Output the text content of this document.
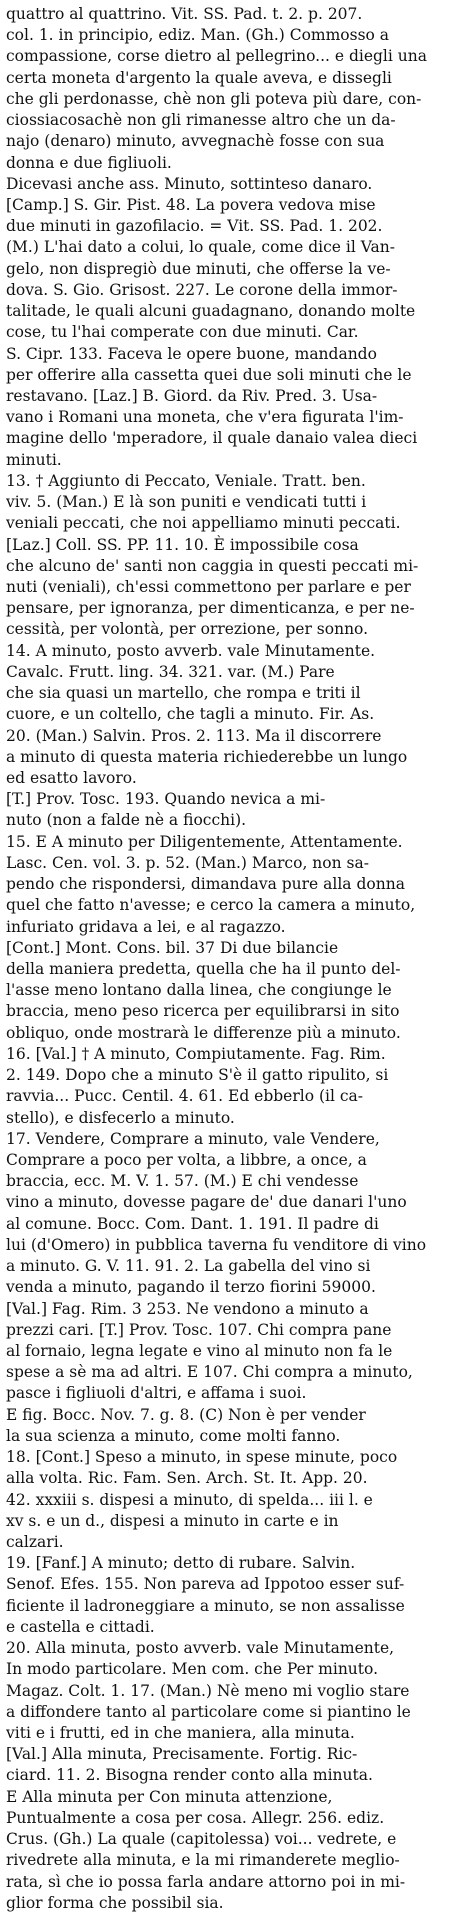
quattro al quattrino. Vit. SS. Pad. t. 2. p. 207.

col. 1. in principio, ediz. Man. (Gh.) Commosso a

compassione, corse dietro al pellegrino... e diegli una

certa moneta d'argento la quale aveva, e dissegli

che gli perdonasse, chè non gli poteva più dare, con-

ciossiacosachè non gli rimanesse altro che un da-

najo (denaro) minuto, avvegnachè fosse con sua

donna e due figliuoli.

Dicevasi anche ass. Minuto, sottinteso danaro.

[Camp.] S. Gir. Pist. 48. La povera vedova mise

due minuti in gazofilacio. = Vit. SS. Pad. 1. 202.

(M.) L'hai dato a colui, lo quale, come dice il Van-

gelo, non dispregiò due minuti, che offerse la ve-

dova. S. Gio. Grisost. 227. Le corone della immor-

talitade, le quali alcuni guadagnano, donando molte

cose, tu l'hai comperate con due minuti. Car.

S. Cipr. 133. Faceva le opere buone, mandando

per offerire alla cassetta quei due soli minuti che le

restavano. [Laz.] B. Giord. da Riv. Pred. 3. Usa-

vano i Romani una moneta, che v'era figurata l'im-

magine dello 'mperadore, il quale danaio valea dieci

minuti.

13. † Aggiunto di Peccato, Veniale. Tratt. ben.

viv. 5. (Man.) E là son puniti e vendicati tutti i

veniali peccati, che noi appelliamo minuti peccati.

[Laz.] Coll. SS. PP. 11. 10. È impossibile cosa

che alcuno de' santi non caggia in questi peccati mi-

nuti (veniali), ch'essi commettono per parlare e per

pensare, per ignoranza, per dimenticanza, e per ne-

cessità, per volontà, per orrezione, per sonno.

14. A minuto, posto avverb. vale Minutamente.

Cavalc. Frutt. ling. 34. 321. var. (M.) Pare

che sia quasi un martello, che rompa e triti il

cuore, e un coltello, che tagli a minuto. Fir. As.

20. (Man.) Salvin. Pros. 2. 113. Ma il discorrere

a minuto di questa materia richiederebbe un lungo

ed esatto lavoro.

[T.] Prov. Tosc. 193. Quando nevica a mi-

nuto (non a falde nè a fiocchi).

15. E A minuto per Diligentemente, Attentamente.

Lasc. Cen. vol. 3. p. 52. (Man.) Marco, non sa-

pendo che rispondersi, dimandava pure alla donna

quel che fatto n'avesse; e cerco la camera a minuto,

infuriato gridava a lei, e al ragazzo.

[Cont.] Mont. Cons. bil. 37 Di due bilancie

della maniera predetta, quella che ha il punto del-

l'asse meno lontano dalla linea, che congiunge le

braccia, meno peso ricerca per equilibrarsi in sito

obliquo, onde mostrarà le differenze più a minuto.

16. [Val.] † A minuto, Compiutamente. Fag. Rim.

2. 149. Dopo che a minuto S'è il gatto ripulito, si

ravvia... Pucc. Centil. 4. 61. Ed ebberlo (il ca-

stello), e disfecerlo a minuto.

17. Vendere, Comprare a minuto, vale Vendere,

Comprare a poco per volta, a libbre, a once, a

braccia, ecc. M. V. 1. 57. (M.) E chi vendesse

vino a minuto, dovesse pagare de' due danari l'uno

al comune. Bocc. Com. Dant. 1. 191. Il padre di

lui (d'Omero) in pubblica taverna fu venditore di vino

a minuto. G. V. 11. 91. 2. La gabella del vino si

venda a minuto, pagando il terzo fiorini 59000.

[Val.] Fag. Rim. 3 253. Ne vendono a minuto a

prezzi cari. [T.] Prov. Tosc. 107. Chi compra pane

al fornaio, legna legate e vino al minuto non fa le

spese a sè ma ad altri. E 107. Chi compra a minuto,

pasce i figliuoli d'altri, e affama i suoi.

E fig. Bocc. Nov. 7. g. 8. (C) Non è per vender

la sua scienza a minuto, come molti fanno.

18. [Cont.] Speso a minuto, in spese minute, poco

alla volta. Ric. Fam. Sen. Arch. St. It. App. 20.

42. xxxiii s. dispesi a minuto, di spelda... iii l. e

xv s. e un d., dispesi a minuto in carte e in

calzari.

19. [Fanf.] A minuto; detto di rubare. Salvin.

Senof. Efes. 155. Non pareva ad Ippotoo esser suf-

ficiente il ladroneggiare a minuto, se non assalisse

e castella e cittadi.

20. Alla minuta, posto avverb. vale Minutamente,

In modo particolare. Men com. che Per minuto.

Magaz. Colt. 1. 17. (Man.) Nè meno mi voglio stare

a diffondere tanto al particolare come si piantino le

viti e i frutti, ed in che maniera, alla minuta.

[Val.] Alla minuta, Precisamente. Fortig. Ric-

ciard. 11. 2. Bisogna render conto alla minuta.

E Alla minuta per Con minuta attenzione,

Puntualmente a cosa per cosa. Allegr. 256. ediz.

Crus. (Gh.) La quale (capitolessa) voi... vedrete, e

rivedrete alla minuta, e la mi rimanderete meglio-

rata, sì che io possa farla andare attorno poi in mi-

glior forma che possibil sia.
